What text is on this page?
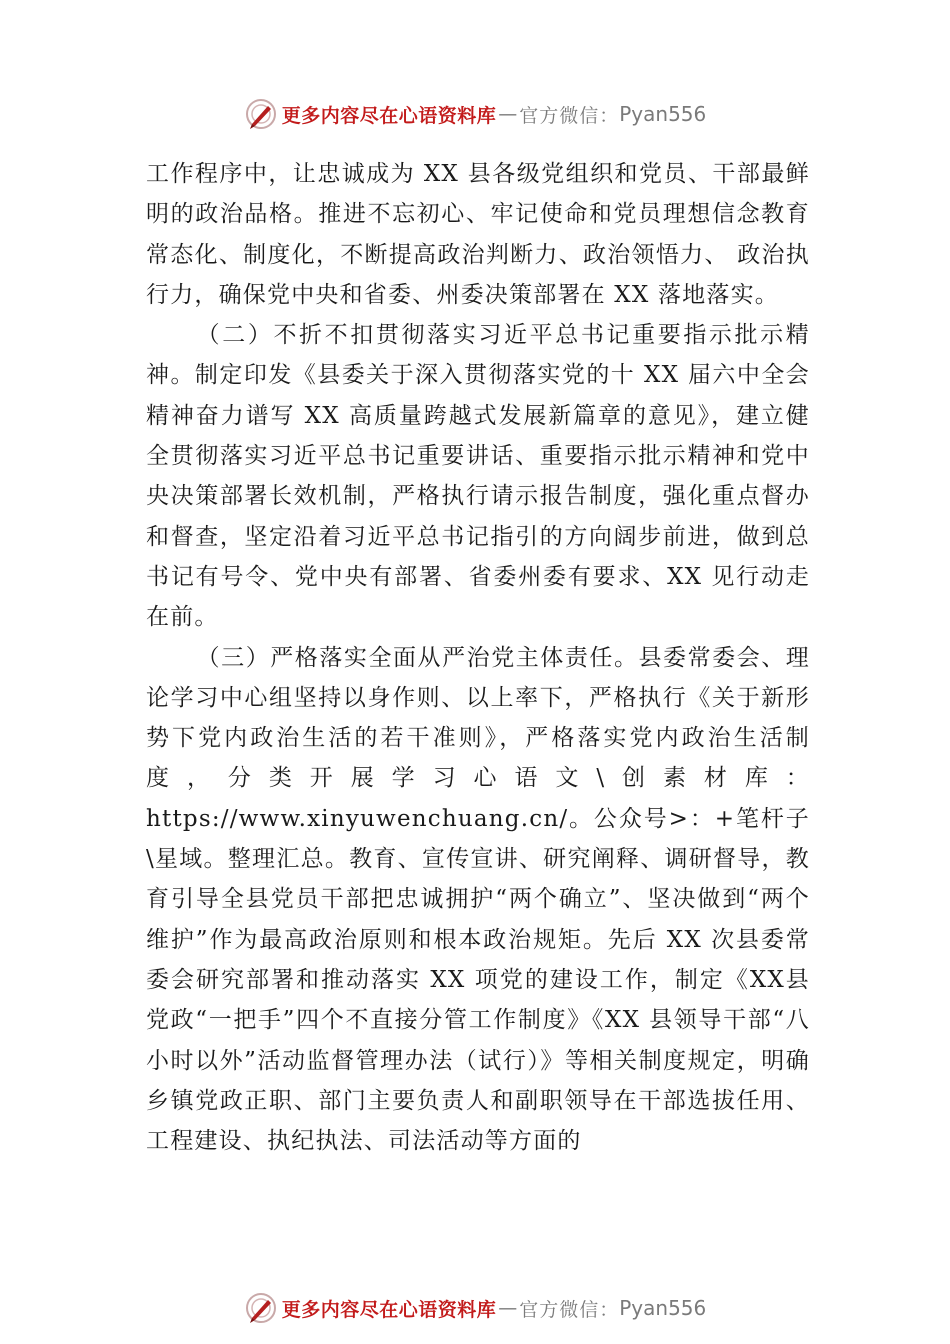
更多内容尽在心语资料库 — 官方微信： Pyan556

工作程序中，让忠诚成为 XX 县各级党组织和党员、干部最鲜明的政治品格。推进不忘初心、牢记使命和党员理想信念教育常态化、制度化，不断提高政治判断力、政治领悟力、 政治执行力，确保党中央和省委、州委决策部署在 XX 落地落实。

（二）不折不扣贯彻落实习近平总书记重要指示批示精神。制定印发《县委关于深入贯彻落实党的十 XX 届六中全会精神奋力谱写 XX 高质量跨越式发展新篇章的意见》，建立健全贯彻落实习近平总书记重要讲话、重要指示批示精神和党中央决策部署长效机制，严格执行请示报告制度，强化重点督办和督查，坚定沿着习近平总书记指引的方向阔步前进，做到总书记有号令、党中央有部署、省委州委有要求、XX 见行动走在前。

（三）严格落实全面从严治党主体责任。县委常委会、理论学习中心组坚持以身作则、以上率下，严格执行《关于新形势下党内政治生活的若干准则》，严格落实党内政治生活制度，分类开展学习心语文\创素材库：https://www.xinyuwenchuang.cn/。公众号>：+笔杆子\星域。整理汇总。教育、宣传宣讲、研究阐释、调研督导，教育引导全县党员干部把忠诚拥护“两个确立”、坚决做到“两个维护”作为最高政治原则和根本政治规矩。先后 XX 次县委常委会研究部署和推动落实 XX 项党的建设工作，制定《XX县党政“一把手”四个不直接分管工作制度》《XX 县领导干部“八小时以外”活动监督管理办法（试行）》等相关制度规定，明确乡镇党政正职、部门主要负责人和副职领导在干部选拔任用、工程建设、执纪执法、司法活动等方面的

更多内容尽在心语资料库 — 官方微信： Pyan556
